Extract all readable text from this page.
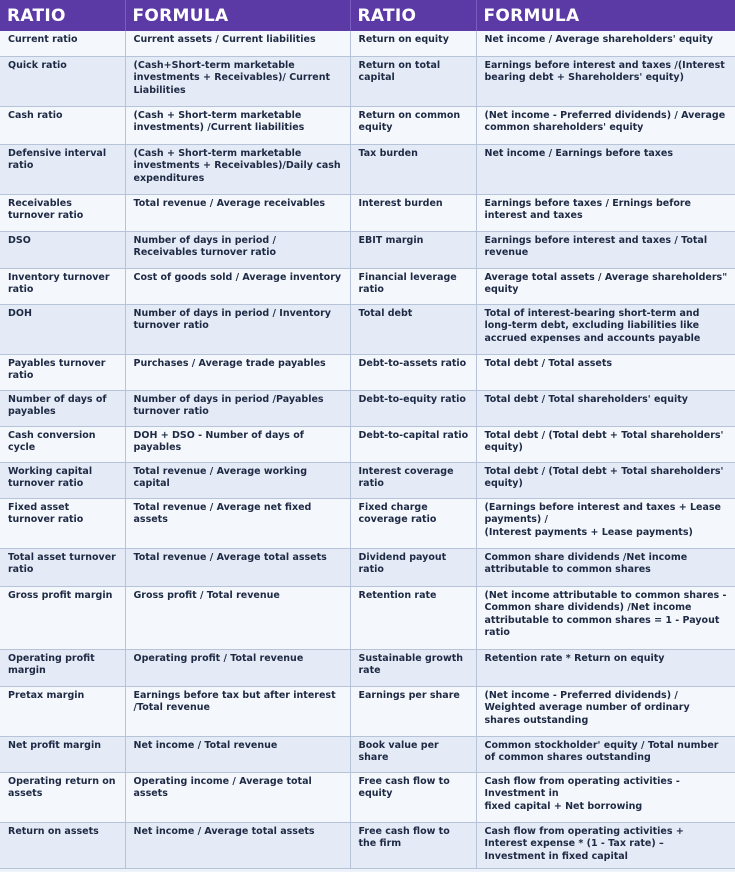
RATIO	FORMULA	RATIO	FORMULA
Current ratio	Current assets / Current liabilities	Return on equity	Net income / Average shareholders' equity
Quick ratio	(Cash+Short-term marketable investments + Receivables)/ Current Liabilities	Return on total capital	Earnings before interest and taxes /(Interest bearing debt + Shareholders' equity)
Cash ratio	(Cash + Short-term marketable investments) /Current liabilities	Return on common equity	(Net income - Preferred dividends) / Average common shareholders' equity
Defensive interval ratio	(Cash + Short-term marketable investments + Receivables)/Daily cash expenditures	Tax burden	Net income / Earnings before taxes
Receivables turnover ratio	Total revenue / Average receivables	Interest burden	Earnings before taxes / Ernings before interest and taxes
DSO	Number of days in period / Receivables turnover ratio	EBIT margin	Earnings before interest and taxes / Total revenue
Inventory turnover ratio	Cost of goods sold / Average inventory	Financial leverage ratio	Average total assets / Average shareholders" equity
DOH	Number of days in period / Inventory turnover ratio	Total debt	Total of interest-bearing short-term and long-term debt, excluding liabilities like accrued expenses and accounts payable
Payables turnover ratio	Purchases / Average trade payables	Debt-to-assets ratio	Total debt / Total assets
Number of days of payables	Number of days in period /Payables turnover ratio	Debt-to-equity ratio	Total debt / Total shareholders' equity
Cash conversion cycle	DOH + DSO - Number of days of payables	Debt-to-capital ratio	Total debt / (Total debt + Total shareholders' equity)
Working capital turnover ratio	Total revenue / Average working capital	Interest coverage ratio	Total debt / (Total debt + Total shareholders' equity)
Fixed asset turnover ratio	Total revenue / Average net fixed assets	Fixed charge coverage ratio	(Earnings before interest and taxes + Lease payments) /
(Interest payments + Lease payments)
Total asset turnover ratio	Total revenue / Average total assets	Dividend payout ratio	Common share dividends /Net income attributable to common shares
Gross profit margin	Gross profit / Total revenue	Retention rate	(Net income attributable to common shares - Common share dividends) /Net income attributable to common shares = 1 - Payout ratio
Operating profit margin	Operating profit / Total revenue	Sustainable growth rate	Retention rate * Return on equity
Pretax margin	Earnings before tax but after interest /Total revenue	Earnings per share	(Net income - Preferred dividends) / Weighted average number of ordinary shares outstanding
Net profit margin	Net income / Total revenue	Book value per share	Common stockholder' equity / Total number of common shares outstanding
Operating return on assets	Operating income / Average total assets	Free cash flow to equity	Cash flow from operating activities -
Investment in
fixed capital + Net borrowing
Return on assets	Net income / Average total assets	Free cash flow to the firm	Cash flow from operating activities + Interest expense * (1 - Tax rate) – Investment in fixed capital
